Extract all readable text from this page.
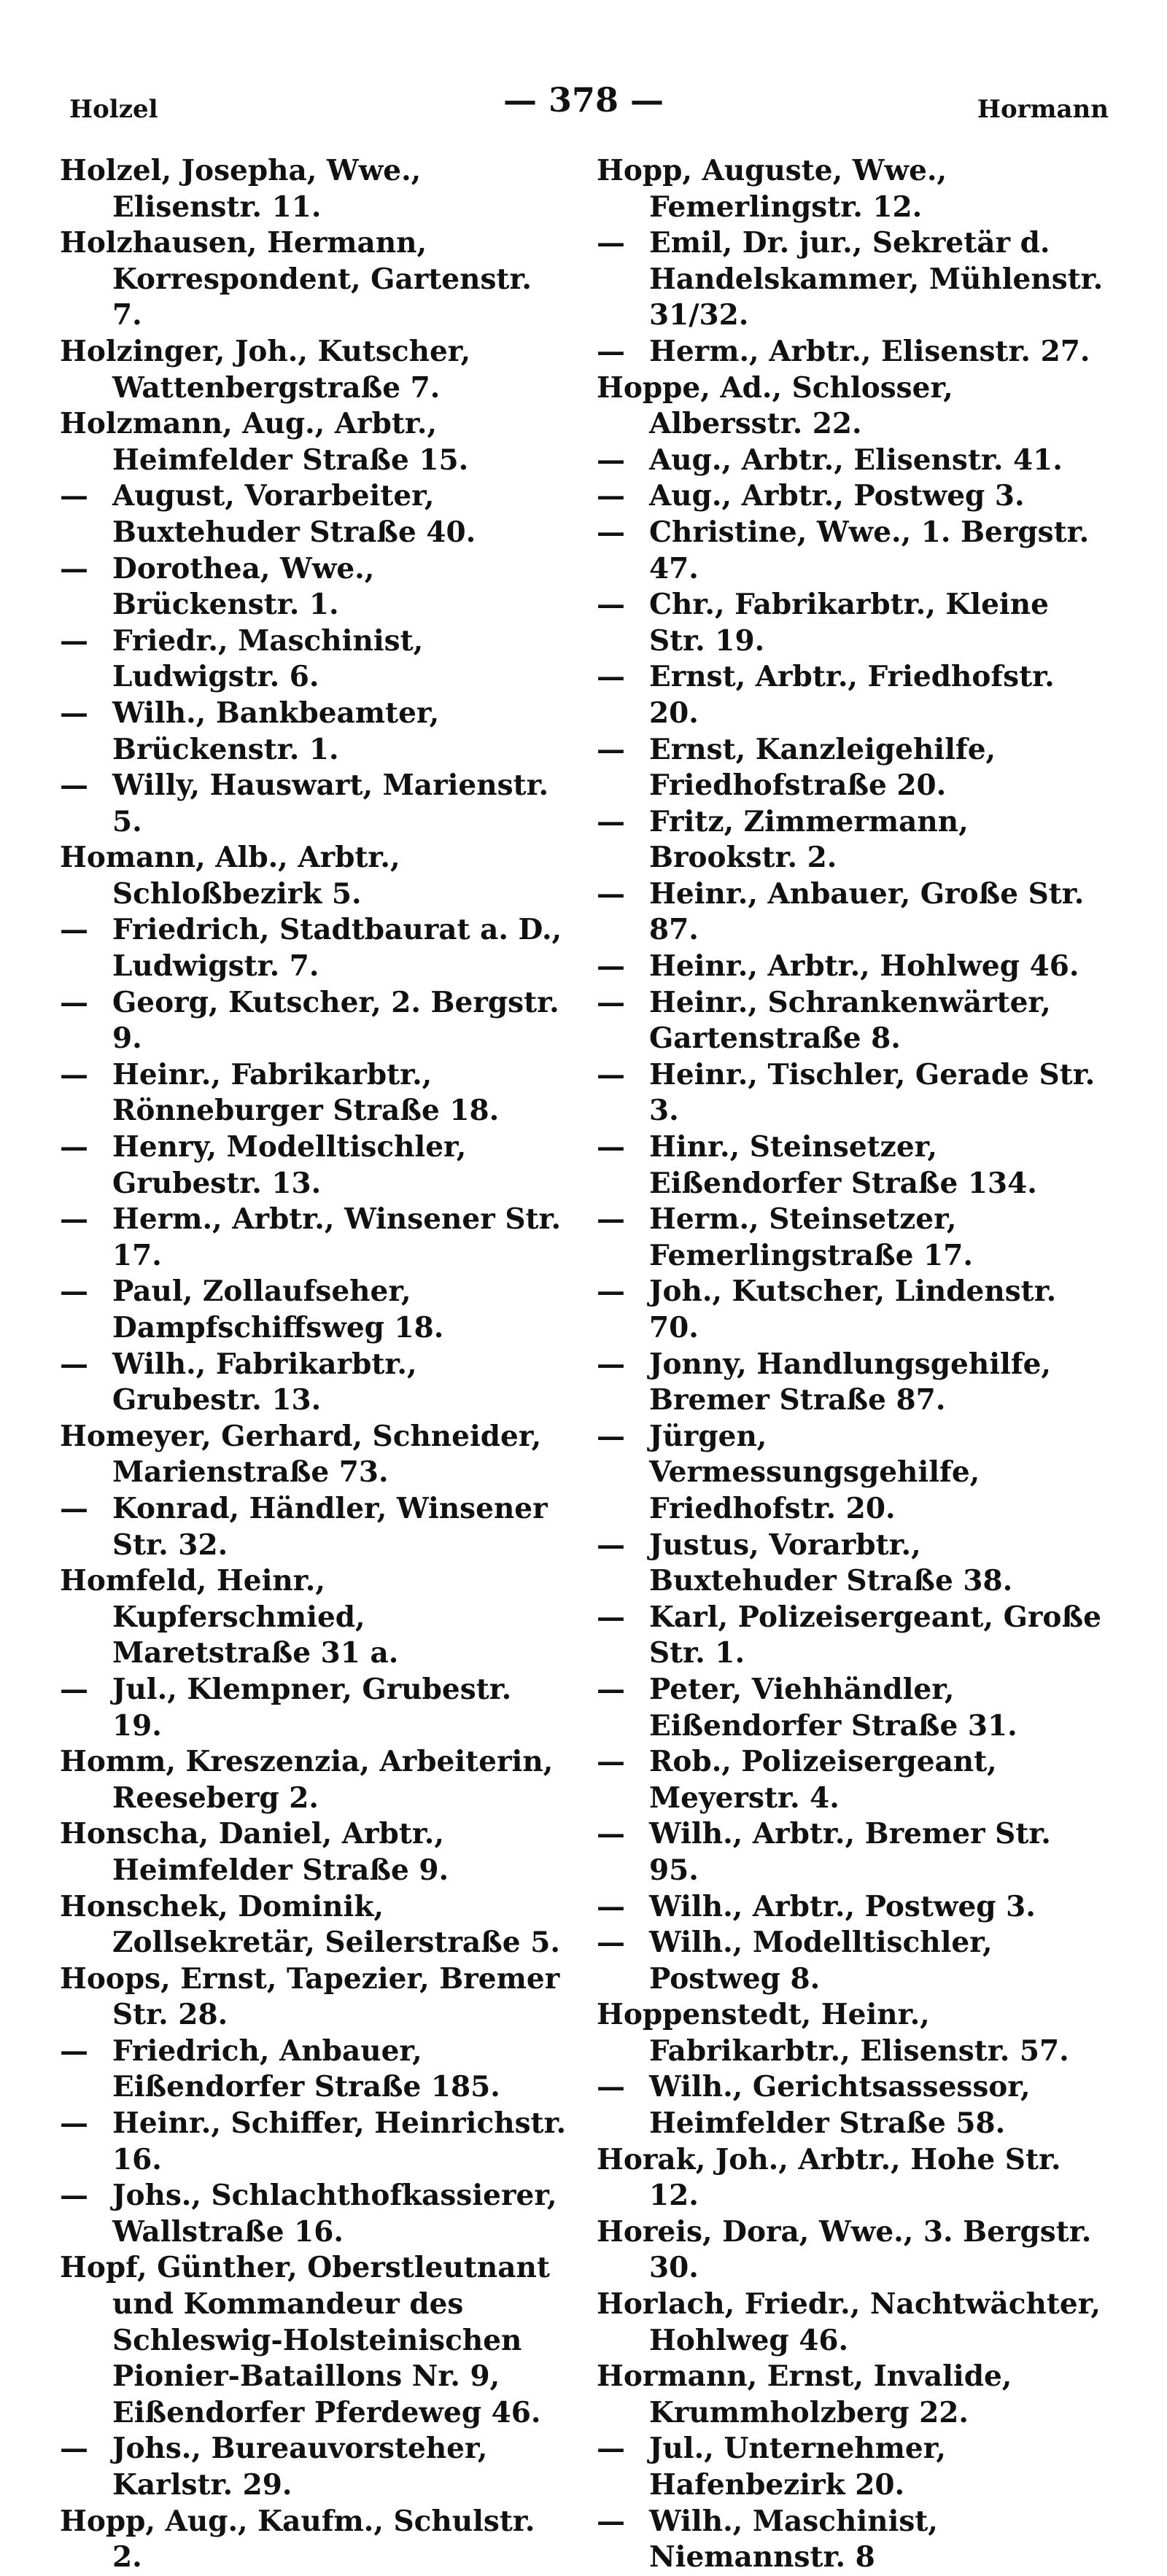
Holzel	— 378 —	Hormann
Holzel, Josepha, Wwe., Elisenstr. 11.
Holzhausen, Hermann, Korrespondent, Gartenstr. 7.
Holzinger, Joh., Kutscher, Wattenbergstraße 7.
Holzmann, Aug., Arbtr., Heimfelder Straße 15.
— August, Vorarbeiter, Buxtehuder Straße 40.
— Dorothea, Wwe., Brückenstr. 1.
— Friedr., Maschinist, Ludwigstr. 6.
— Wilh., Bankbeamter, Brückenstr. 1.
— Willy, Hauswart, Marienstr. 5.
Homann, Alb., Arbtr., Schloßbezirk 5.
— Friedrich, Stadtbaurat a. D., Ludwigstr. 7.
— Georg, Kutscher, 2. Bergstr. 9.
— Heinr., Fabrikarbtr., Rönneburger Straße 18.
— Henry, Modelltischler, Grubestr. 13.
— Herm., Arbtr., Winsener Str. 17.
— Paul, Zollaufseher, Dampfschiffsweg 18.
— Wilh., Fabrikarbtr., Grubestr. 13.
Homeyer, Gerhard, Schneider, Marienstraße 73.
— Konrad, Händler, Winsener Str. 32.
Homfeld, Heinr., Kupferschmied, Maretstraße 31 a.
— Jul., Klempner, Grubestr. 19.
Homm, Kreszenzia, Arbeiterin, Reeseberg 2.
Honscha, Daniel, Arbtr., Heimfelder Straße 9.
Honschek, Dominik, Zollsekretär, Seilerstraße 5.
Hoops, Ernst, Tapezier, Bremer Str. 28.
— Friedrich, Anbauer, Eißendorfer Straße 185.
— Heinr., Schiffer, Heinrichstr. 16.
— Johs., Schlachthofkassierer, Wallstraße 16.
Hopf, Günther, Oberstleutnant und Kommandeur des Schleswig-Holsteinischen Pionier-Bataillons Nr. 9, Eißendorfer Pferdeweg 46.
— Johs., Bureauvorsteher, Karlstr. 29.
Hopp, Aug., Kaufm., Schulstr. 2.
Hopp, Auguste, Wwe., Femerlingstr. 12.
— Emil, Dr. jur., Sekretär d. Handelskammer, Mühlenstr. 31/32.
— Herm., Arbtr., Elisenstr. 27.
Hoppe, Ad., Schlosser, Albersstr. 22.
— Aug., Arbtr., Elisenstr. 41.
— Aug., Arbtr., Postweg 3.
— Christine, Wwe., 1. Bergstr. 47.
— Chr., Fabrikarbtr., Kleine Str. 19.
— Ernst, Arbtr., Friedhofstr. 20.
— Ernst, Kanzleigehilfe, Friedhofstraße 20.
— Fritz, Zimmermann, Brookstr. 2.
— Heinr., Anbauer, Große Str. 87.
— Heinr., Arbtr., Hohlweg 46.
— Heinr., Schrankenwärter, Gartenstraße 8.
— Heinr., Tischler, Gerade Str. 3.
— Hinr., Steinsetzer, Eißendorfer Straße 134.
— Herm., Steinsetzer, Femerlingstraße 17.
— Joh., Kutscher, Lindenstr. 70.
— Jonny, Handlungsgehilfe, Bremer Straße 87.
— Jürgen, Vermessungsgehilfe, Friedhofstr. 20.
— Justus, Vorarbtr., Buxtehuder Straße 38.
— Karl, Polizeisergeant, Große Str. 1.
— Peter, Viehhändler, Eißendorfer Straße 31.
— Rob., Polizeisergeant, Meyerstr. 4.
— Wilh., Arbtr., Bremer Str. 95.
— Wilh., Arbtr., Postweg 3.
— Wilh., Modelltischler, Postweg 8.
Hoppenstedt, Heinr., Fabrikarbtr., Elisenstr. 57.
— Wilh., Gerichtsassessor, Heimfelder Straße 58.
Horak, Joh., Arbtr., Hohe Str. 12.
Horeis, Dora, Wwe., 3. Bergstr. 30.
Horlach, Friedr., Nachtwächter, Hohlweg 46.
Hormann, Ernst, Invalide, Krummholzberg 22.
— Jul., Unternehmer, Hafenbezirk 20.
— Wilh., Maschinist, Niemannstr. 8
